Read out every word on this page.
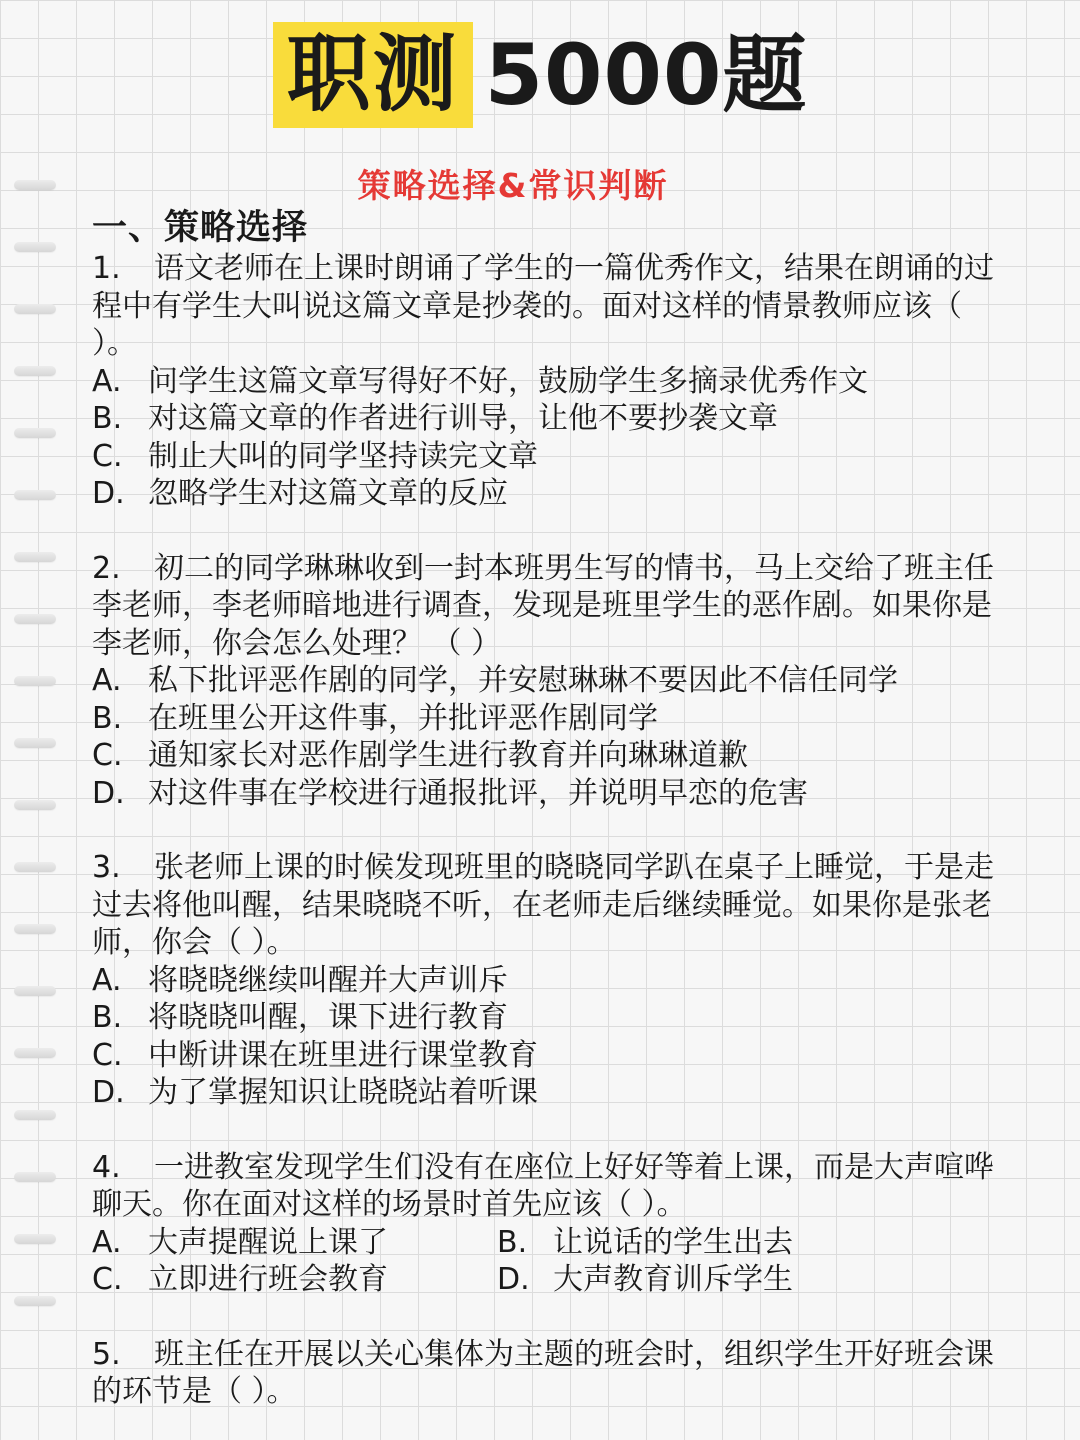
职测 5000题
策略选择&常识判断
一、策略选择
1. 语文老师在上课时朗诵了学生的一篇优秀作文，结果在朗诵的过程中有学生大叫说这篇文章是抄袭的。面对这样的情景教师应该（ ）。
A. 问学生这篇文章写得好不好，鼓励学生多摘录优秀作文
B. 对这篇文章的作者进行训导，让他不要抄袭文章
C. 制止大叫的同学坚持读完文章
D. 忽略学生对这篇文章的反应
2. 初二的同学琳琳收到一封本班男生写的情书，马上交给了班主任李老师，李老师暗地进行调查，发现是班里学生的恶作剧。如果你是李老师，你会怎么处理？ （ ）
A. 私下批评恶作剧的同学，并安慰琳琳不要因此不信任同学
B. 在班里公开这件事，并批评恶作剧同学
C. 通知家长对恶作剧学生进行教育并向琳琳道歉
D. 对这件事在学校进行通报批评，并说明早恋的危害
3. 张老师上课的时候发现班里的晓晓同学趴在桌子上睡觉，于是走过去将他叫醒，结果晓晓不听，在老师走后继续睡觉。如果你是张老师，你会（ ）。
A. 将晓晓继续叫醒并大声训斥
B. 将晓晓叫醒，课下进行教育
C. 中断讲课在班里进行课堂教育
D. 为了掌握知识让晓晓站着听课
4. 一进教室发现学生们没有在座位上好好等着上课，而是大声喧哗聊天。你在面对这样的场景时首先应该（ ）。
A. 大声提醒说上课了	B. 让说话的学生出去
C. 立即进行班会教育	D. 大声教育训斥学生
5. 班主任在开展以关心集体为主题的班会时，组织学生开好班会课的环节是（ ）。
